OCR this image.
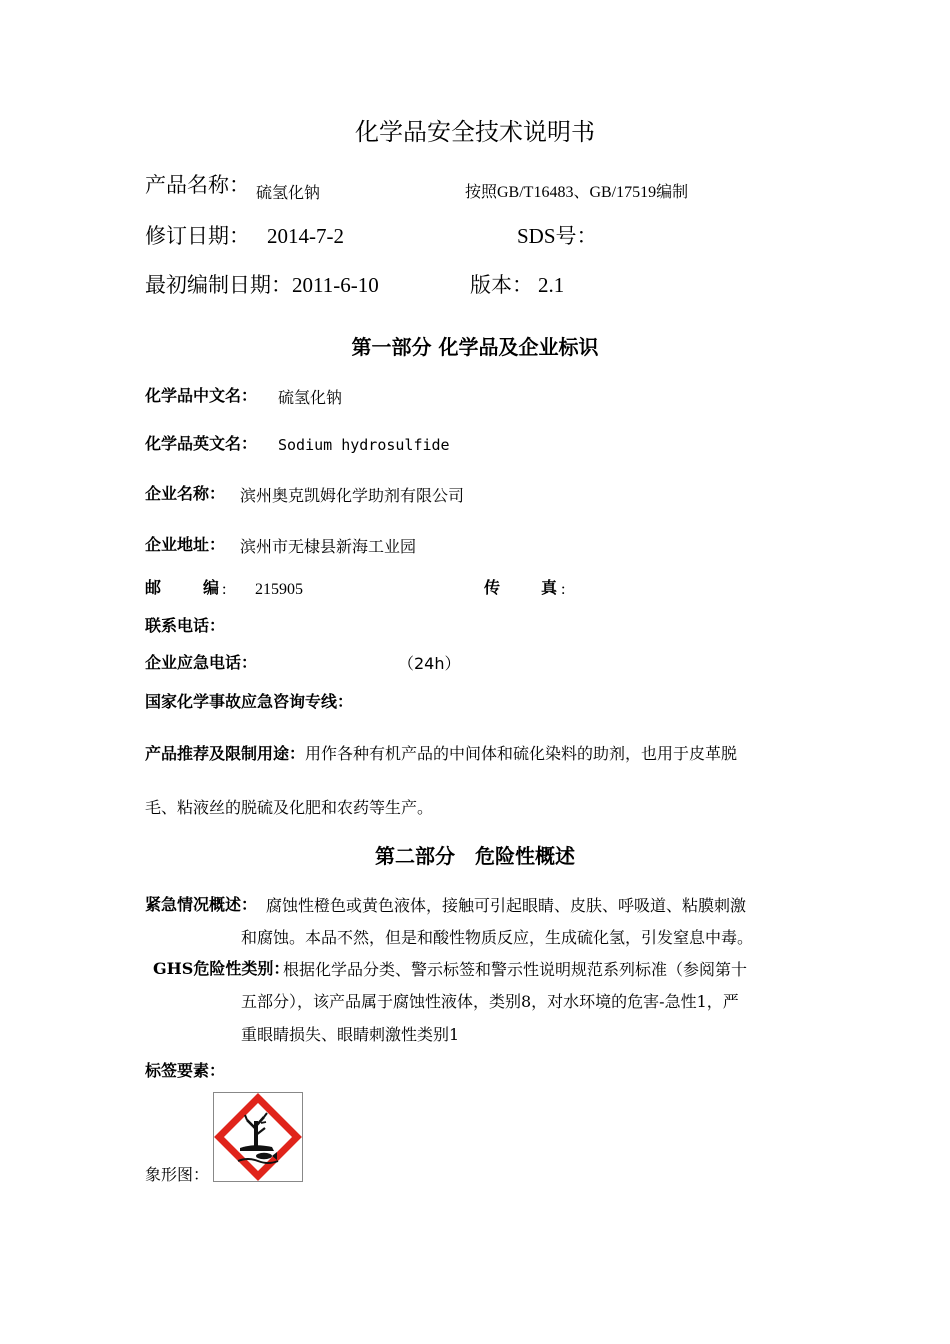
化学品安全技术说明书
产品名称： 硫氢化钠	按照GB/T16483、GB/17519编制
修订日期： 2014-7-2	SDS号：
最初编制日期： 2011-6-10	版本： 2.1
第一部分 化学品及企业标识
化学品中文名： 硫氢化钠
化学品英文名： Sodium hydrosulfide
企业名称： 滨州奥克凯姆化学助剂有限公司
企业地址： 滨州市无棣县新海工业园
邮	编 : 215905	传	真 :
联系电话：
企业应急电话：	（24h）
国家化学事故应急咨询专线：
产品推荐及限制用途：用作各种有机产品的中间体和硫化染料的助剂，也用于皮革脱
毛、粘液丝的脱硫及化肥和农药等生产。
第二部分　危险性概述
紧急情况概述： 腐蚀性橙色或黄色液体，接触可引起眼睛、皮肤、呼吸道、粘膜刺激
和腐蚀。本品不然，但是和酸性物质反应，生成硫化氢，引发窒息中毒。
GHS危险性类别：
根据化学品分类、警示标签和警示性说明规范系列标准（参阅第十
五部分），该产品属于腐蚀性液体，类别8，对水环境的危害-急性1，严
重眼睛损失、眼睛刺激性类别1
标签要素：
象形图：
